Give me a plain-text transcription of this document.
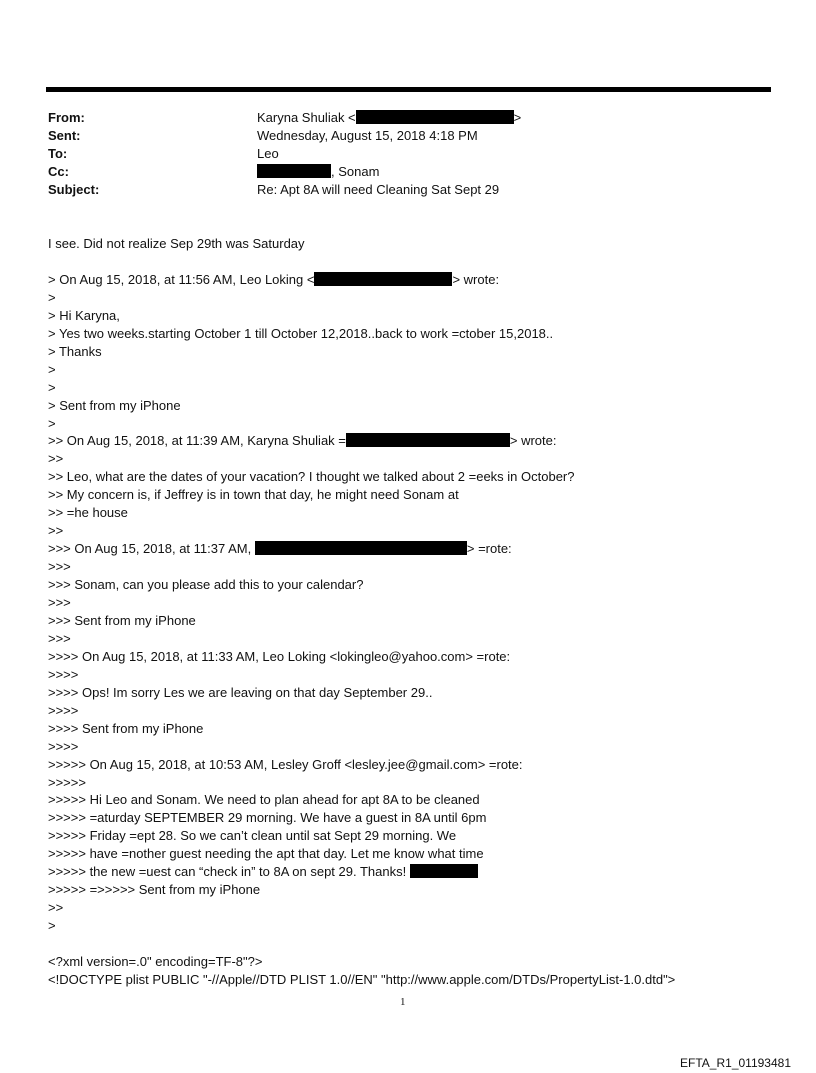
From:	Karyna Shuliak <	>
Sent:	Wednesday, August 15, 2018 4:18 PM
To:	Leo
Cc:	, Sonam
Subject:	Re: Apt 8A will need Cleaning Sat Sept 29
I see. Did not realize Sep 29th was Saturday
> On Aug 15, 2018, at 11:56 AM, Leo Loking <	> wrote:
>
> Hi Karyna,
> Yes two weeks.starting October 1 till October 12,2018..back to work =ctober 15,2018..
> Thanks
>
>
> Sent from my iPhone
>
>> On Aug 15, 2018, at 11:39 AM, Karyna Shuliak =	> wrote:
>>
>> Leo, what are the dates of your vacation? I thought we talked about 2 =eeks in October?
>> My concern is, if Jeffrey is in town that day, he might need Sonam at
>> =he house
>>
>>> On Aug 15, 2018, at 11:37 AM,	> =rote:
>>>
>>> Sonam, can you please add this to your calendar?
>>>
>>> Sent from my iPhone
>>>
>>>> On Aug 15, 2018, at 11:33 AM, Leo Loking <lokingleo@yahoo.com> =rote:
>>>>
>>>> Ops! Im sorry Les we are leaving on that day September 29..
>>>>
>>>> Sent from my iPhone
>>>>
>>>>> On Aug 15, 2018, at 10:53 AM, Lesley Groff <lesley.jee@gmail.com> =rote:
>>>>>
>>>>> Hi Leo and Sonam. We need to plan ahead for apt 8A to be cleaned
>>>>> =aturday SEPTEMBER 29 morning. We have a guest in 8A until 6pm
>>>>> Friday =ept 28. So we can’t clean until sat Sept 29 morning. We
>>>>> have =nother guest needing the apt that day. Let me know what time
>>>>> the new =uest can “check in” to 8A on sept 29. Thanks!
>>>>> =>>>>> Sent from my iPhone
>>
>
<?xml version=.0" encoding=TF-8"?>
<!DOCTYPE plist PUBLIC "-//Apple//DTD PLIST 1.0//EN" "http://www.apple.com/DTDs/PropertyList-1.0.dtd">
1
EFTA_R1_01193481
